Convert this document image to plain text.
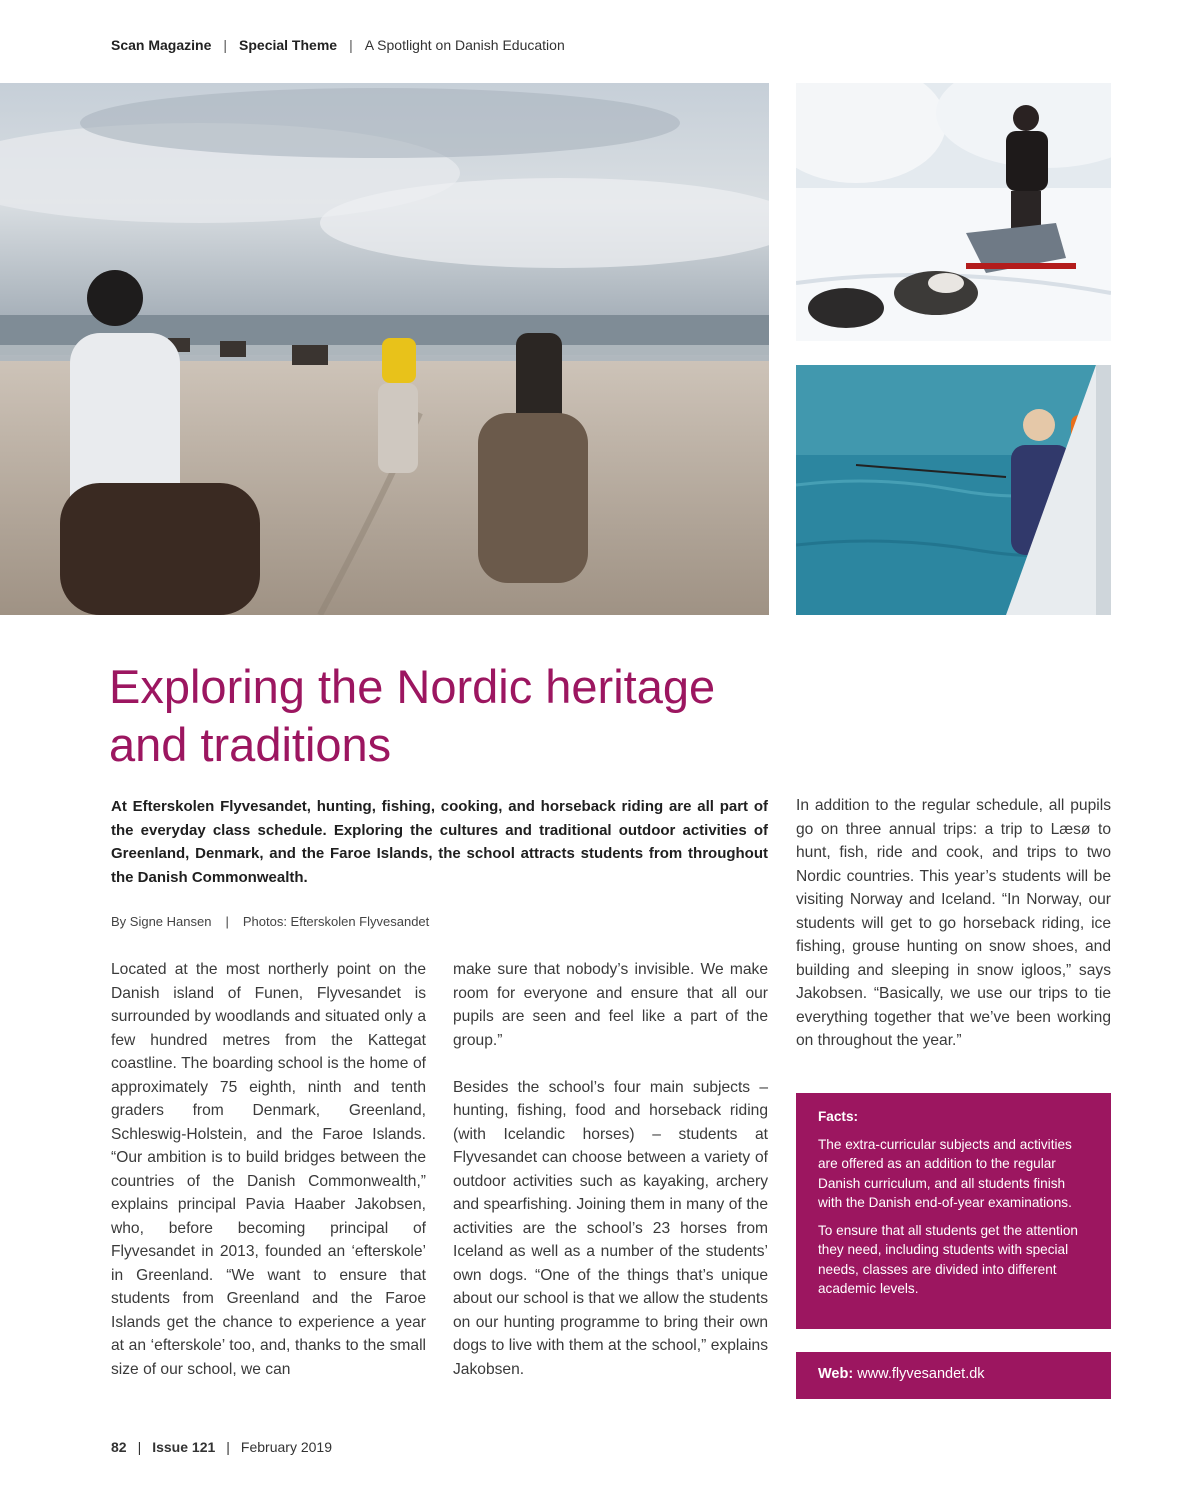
Scan Magazine | Special Theme | A Spotlight on Danish Education
Exploring the Nordic heritage
and traditions
At Efterskolen Flyvesandet, hunting, fishing, cooking, and horseback riding are all part of the everyday class schedule. Exploring the cultures and traditional outdoor activities of Greenland, Denmark, and the Faroe Islands, the school attracts students from throughout the Danish Commonwealth.
By Signe Hansen | Photos: Efterskolen Flyvesandet

Located at the most northerly point on the Danish island of Funen, Flyvesandet is surrounded by woodlands and situated only a few hundred metres from the Kattegat coastline. The boarding school is the home of approximately 75 eighth, ninth and tenth graders from Denmark, Greenland, Schleswig-Holstein, and the Faroe Islands. “Our ambition is to build bridges between the countries of the Danish Commonwealth,” explains principal Pavia Haaber Jakobsen, who, before becoming principal of Flyvesandet in 2013, founded an ‘efterskole’ in Greenland. “We want to ensure that students from Greenland and the Faroe Islands get the chance to experience a year at an ‘efterskole’ too, and, thanks to the small size of our school, we can

make sure that nobody’s invisible. We make room for everyone and ensure that all our pupils are seen and feel like a part of the group.”

Besides the school’s four main subjects – hunting, fishing, food and horseback riding (with Icelandic horses) – students at Flyvesandet can choose between a variety of outdoor activities such as kayaking, archery and spearfishing. Joining them in many of the activities are the school’s 23 horses from Iceland as well as a number of the students’ own dogs. “One of the things that’s unique about our school is that we allow the students on our hunting programme to bring their own dogs to live with them at the school,” explains Jakobsen.

In addition to the regular schedule, all pupils go on three annual trips: a trip to Læsø to hunt, fish, ride and cook, and trips to two Nordic countries. This year’s students will be visiting Norway and Iceland. “In Norway, our students will get to go horseback riding, ice fishing, grouse hunting on snow shoes, and building and sleeping in snow igloos,” says Jakobsen. “Basically, we use our trips to tie everything together that we’ve been working on throughout the year.”

Facts:

The extra-curricular subjects and activities are offered as an addition to the regular Danish curriculum, and all students finish with the Danish end-of-year examinations.

To ensure that all students get the attention they need, including students with special needs, classes are divided into different academic levels.

Web: www.flyvesandet.dk
82 | Issue 121 | February 2019
